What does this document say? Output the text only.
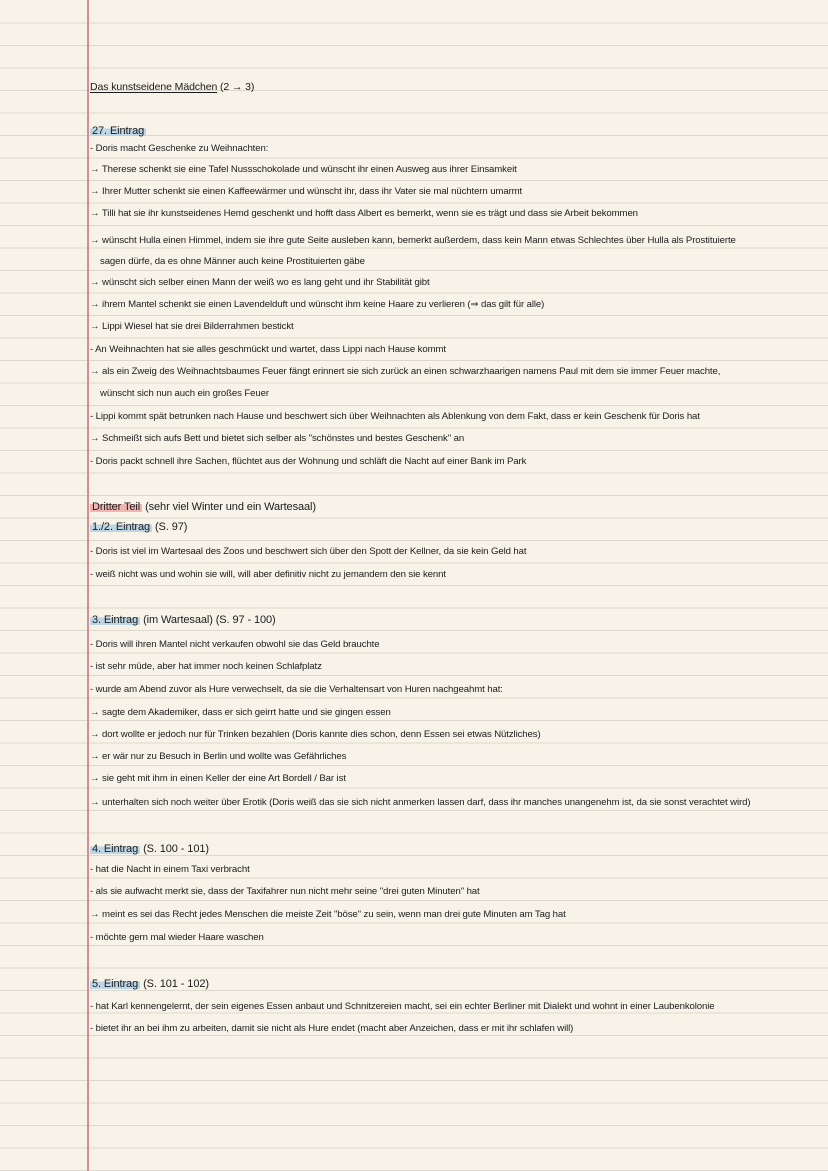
Das kunstseidene Mädchen (2 → 3)
27. Eintrag
- Doris macht Geschenke zu Weihnachten:
→ Therese schenkt sie eine Tafel Nussschokolade und wünscht ihr einen Ausweg aus ihrer Einsamkeit
→ Ihrer Mutter schenkt sie einen Kaffeewärmer und wünscht ihr, dass ihr Vater sie mal nüchtern umarmt
→ Tilli hat sie ihr kunstseidenes Hemd geschenkt und hofft dass Albert es bemerkt, wenn sie es trägt und dass sie Arbeit bekommen
→ wünscht Hulla einen Himmel, indem sie ihre gute Seite ausleben kann, bemerkt außerdem, dass kein Mann etwas Schlechtes über Hulla als Prostituierte
sagen dürfe, da es ohne Männer auch keine Prostituierten gäbe
→ wünscht sich selber einen Mann der weiß wo es lang geht und ihr Stabilität gibt
→ ihrem Mantel schenkt sie einen Lavendelduft und wünscht ihm keine Haare zu verlieren (⇒ das gilt für alle)
→ Lippi Wiesel hat sie drei Bilderrahmen bestickt
- An Weihnachten hat sie alles geschmückt und wartet, dass Lippi nach Hause kommt
→ als ein Zweig des Weihnachtsbaumes Feuer fängt erinnert sie sich zurück an einen schwarzhaarigen namens Paul mit dem sie immer Feuer machte,
wünscht sich nun auch ein großes Feuer
- Lippi kommt spät betrunken nach Hause und beschwert sich über Weihnachten als Ablenkung von dem Fakt, dass er kein Geschenk für Doris hat
→ Schmeißt sich aufs Bett und bietet sich selber als "schönstes und bestes Geschenk" an
- Doris packt schnell ihre Sachen, flüchtet aus der Wohnung und schläft die Nacht auf einer Bank im Park
Dritter Teil (sehr viel Winter und ein Wartesaal)
1./2. Eintrag (S. 97)
- Doris ist viel im Wartesaal des Zoos und beschwert sich über den Spott der Kellner, da sie kein Geld hat
- weiß nicht was und wohin sie will, will aber definitiv nicht zu jemandem den sie kennt
3. Eintrag (im Wartesaal) (S. 97 - 100)
- Doris will ihren Mantel nicht verkaufen obwohl sie das Geld brauchte
- ist sehr müde, aber hat immer noch keinen Schlafplatz
- wurde am Abend zuvor als Hure verwechselt, da sie die Verhaltensart von Huren nachgeahmt hat:
→ sagte dem Akademiker, dass er sich geirrt hatte und sie gingen essen
→ dort wollte er jedoch nur für Trinken bezahlen (Doris kannte dies schon, denn Essen sei etwas Nützliches)
→ er wär nur zu Besuch in Berlin und wollte was Gefährliches
→ sie geht mit ihm in einen Keller der eine Art Bordell / Bar ist
→ unterhalten sich noch weiter über Erotik (Doris weiß das sie sich nicht anmerken lassen darf, dass ihr manches unangenehm ist, da sie sonst verachtet wird)
4. Eintrag (S. 100 - 101)
- hat die Nacht in einem Taxi verbracht
- als sie aufwacht merkt sie, dass der Taxifahrer nun nicht mehr seine "drei guten Minuten" hat
→ meint es sei das Recht jedes Menschen die meiste Zeit "böse" zu sein, wenn man drei gute Minuten am Tag hat
- möchte gern mal wieder Haare waschen
5. Eintrag (S. 101 - 102)
- hat Karl kennengelernt, der sein eigenes Essen anbaut und Schnitzereien macht, sei ein echter Berliner mit Dialekt und wohnt in einer Laubenkolonie
- bietet ihr an bei ihm zu arbeiten, damit sie nicht als Hure endet (macht aber Anzeichen, dass er mit ihr schlafen will)
